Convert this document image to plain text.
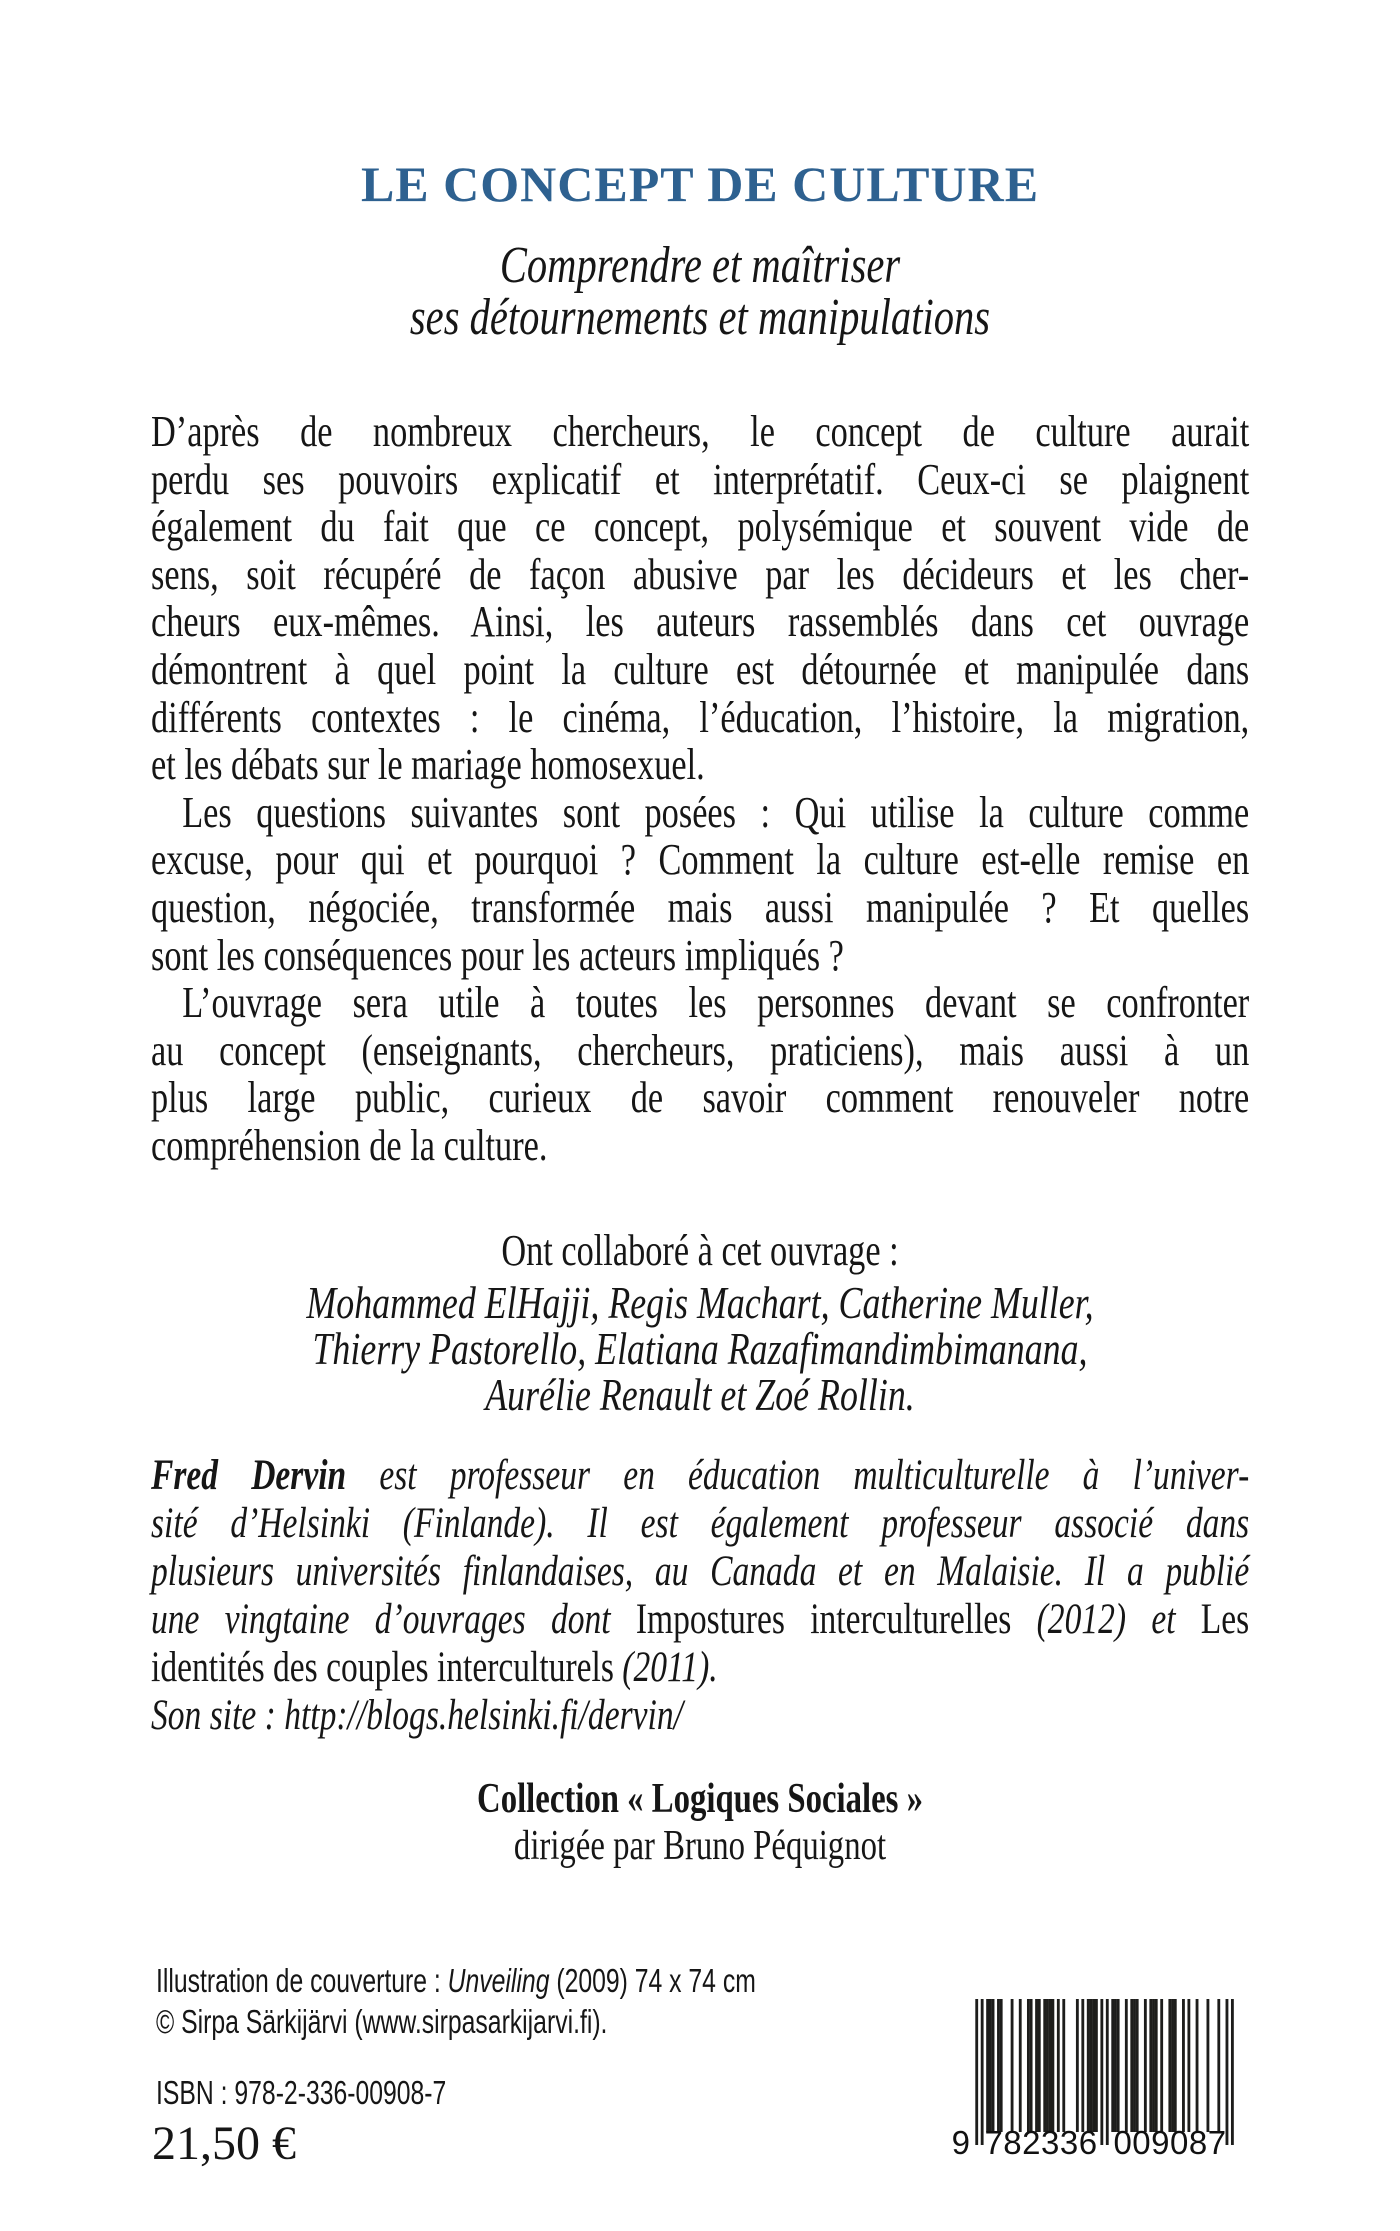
LE CONCEPT DE CULTURE
Comprendre et maîtriser
ses détournements et manipulations
D’après de nombreux chercheurs, le concept de culture aurait
perdu ses pouvoirs explicatif et interprétatif. Ceux-ci se plaignent
également du fait que ce concept, polysémique et souvent vide de
sens, soit récupéré de façon abusive par les décideurs et les cher-
cheurs eux-mêmes. Ainsi, les auteurs rassemblés dans cet ouvrage
démontrent à quel point la culture est détournée et manipulée dans
différents contextes : le cinéma, l’éducation, l’histoire, la migration,
et les débats sur le mariage homosexuel.
Les questions suivantes sont posées : Qui utilise la culture comme
excuse, pour qui et pourquoi ? Comment la culture est-elle remise en
question, négociée, transformée mais aussi manipulée ? Et quelles
sont les conséquences pour les acteurs impliqués ?
L’ouvrage sera utile à toutes les personnes devant se confronter
au concept (enseignants, chercheurs, praticiens), mais aussi à un
plus large public, curieux de savoir comment renouveler notre
compréhension de la culture.
Ont collaboré à cet ouvrage :
Mohammed ElHajji, Regis Machart, Catherine Muller,
Thierry Pastorello, Elatiana Razafimandimbimanana,
Aurélie Renault et Zoé Rollin.
Fred Dervin est professeur en éducation multiculturelle à l’univer-
sité d’Helsinki (Finlande). Il est également professeur associé dans
plusieurs universités finlandaises, au Canada et en Malaisie. Il a publié
une vingtaine d’ouvrages dont Impostures interculturelles (2012) et Les
identités des couples interculturels (2011).
Son site : http://blogs.helsinki.fi/dervin/
Collection « Logiques Sociales »
dirigée par Bruno Péquignot
Illustration de couverture : Unveiling (2009) 74 x 74 cm
© Sirpa Särkijärvi (www.sirpasarkijarvi.fi).
ISBN : 978-2-336-00908-7
21,50 €	9 782336 009087
